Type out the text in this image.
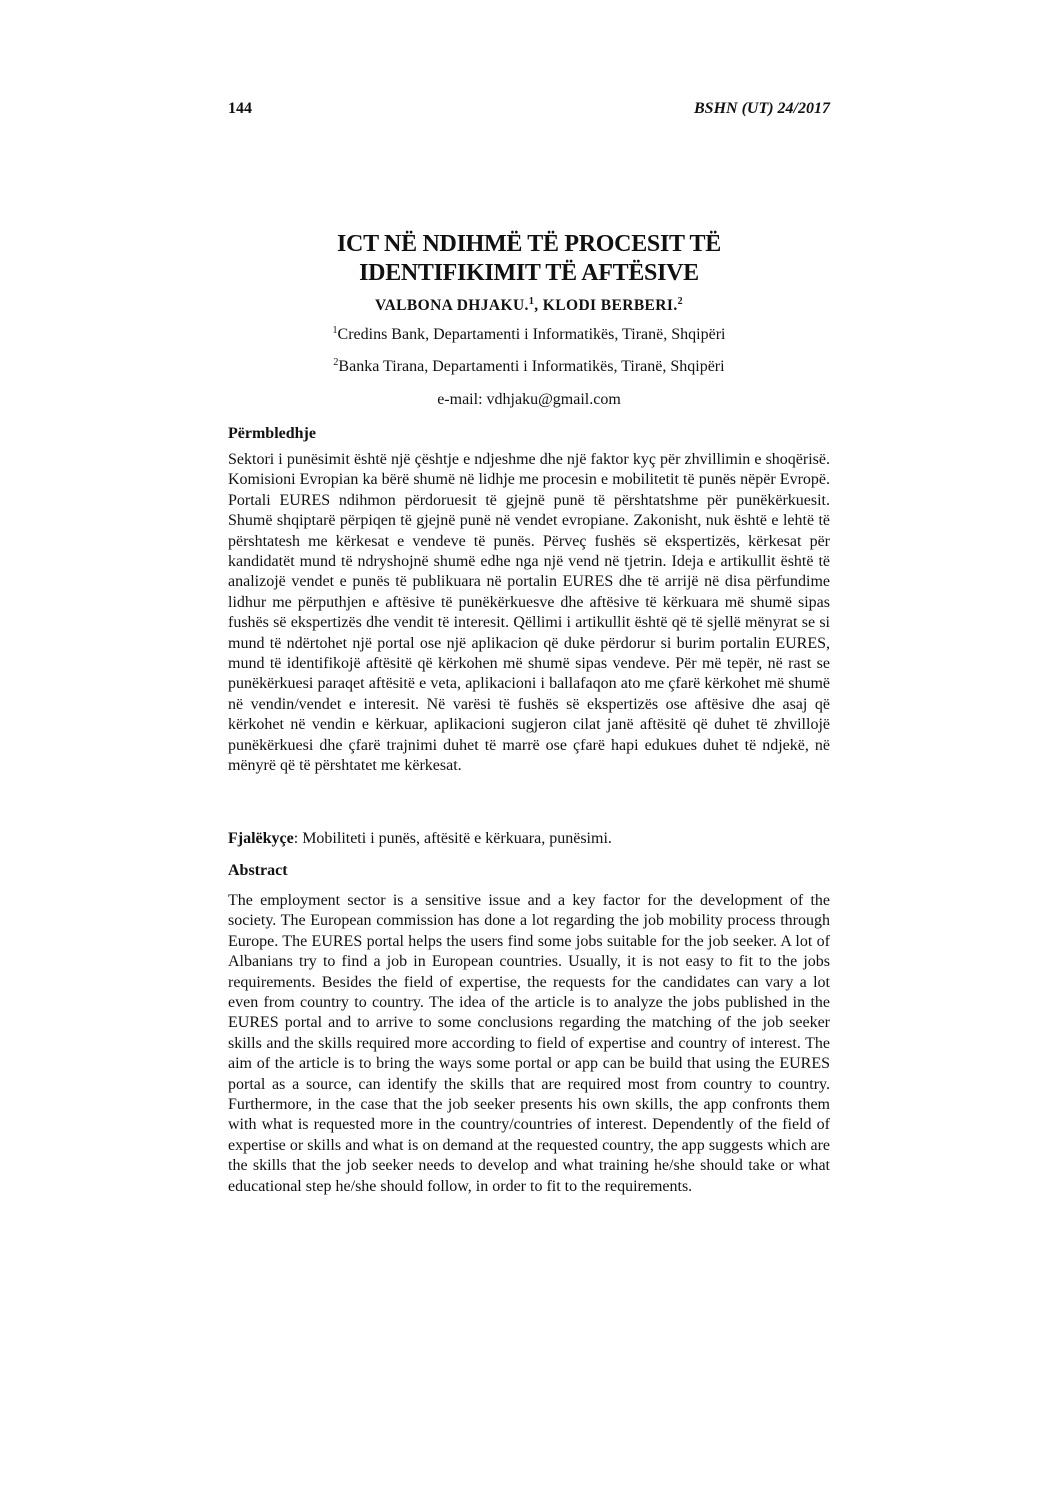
144	BSHN (UT) 24/2017
ICT NË NDIHMË TË PROCESIT TË
IDENTIFIKIMIT TË AFTËSIVE
VALBONA DHJAKU.$^1$, KLODI BERBERI.$^2$
$^1$Credins Bank, Departamenti i Informatikës, Tiranë, Shqipëri
$^2$Banka Tirana, Departamenti i Informatikës, Tiranë, Shqipëri
e-mail: vdhjaku@gmail.com
Përmbledhje

Sektori i punësimit është një çështje e ndjeshme dhe një faktor kyç për zhvillimin e shoqërisë. Komisioni Evropian ka bërë shumë në lidhje me procesin e mobilitetit të punës nëpër Evropë. Portali EURES ndihmon përdoruesit të gjejnë punë të përshtatshme për punëkërkuesit. Shumë shqiptarë përpiqen të gjejnë punë në vendet evropiane. Zakonisht, nuk është e lehtë të përshtatesh me kërkesat e vendeve të punës. Përveç fushës së ekspertizës, kërkesat për kandidatët mund të ndryshojnë shumë edhe nga një vend në tjetrin. Ideja e artikullit është të analizojë vendet e punës të publikuara në portalin EURES dhe të arrijë në disa përfundime lidhur me përputhjen e aftësive të punëkërkuesve dhe aftësive të kërkuara më shumë sipas fushës së ekspertizës dhe vendit të interesit. Qëllimi i artikullit është që të sjellë mënyrat se si mund të ndërtohet një portal ose një aplikacion që duke përdorur si burim portalin EURES, mund të identifikojë aftësitë që kërkohen më shumë sipas vendeve. Për më tepër, në rast se punëkërkuesi paraqet aftësitë e veta, aplikacioni i ballafaqon ato me çfarë kërkohet më shumë në vendin/vendet e interesit. Në varësi të fushës së ekspertizës ose aftësive dhe asaj që kërkohet në vendin e kërkuar, aplikacioni sugjeron cilat janë aftësitë që duhet të zhvillojë punëkërkuesi dhe çfarë trajnimi duhet të marrë ose çfarë hapi edukues duhet të ndjekë, në mënyrë që të përshtatet me kërkesat.

Fjalëkyçe: Mobiliteti i punës, aftësitë e kërkuara, punësimi.

Abstract

The employment sector is a sensitive issue and a key factor for the development of the society. The European commission has done a lot regarding the job mobility process through Europe. The EURES portal helps the users find some jobs suitable for the job seeker. A lot of Albanians try to find a job in European countries. Usually, it is not easy to fit to the jobs requirements. Besides the field of expertise, the requests for the candidates can vary a lot even from country to country. The idea of the article is to analyze the jobs published in the EURES portal and to arrive to some conclusions regarding the matching of the job seeker skills and the skills required more according to field of expertise and country of interest. The aim of the article is to bring the ways some portal or app can be build that using the EURES portal as a source, can identify the skills that are required most from country to country. Furthermore, in the case that the job seeker presents his own skills, the app confronts them with what is requested more in the country/countries of interest. Dependently of the field of expertise or skills and what is on demand at the requested country, the app suggests which are the skills that the job seeker needs to develop and what training he/she should take or what educational step he/she should follow, in order to fit to the requirements.
